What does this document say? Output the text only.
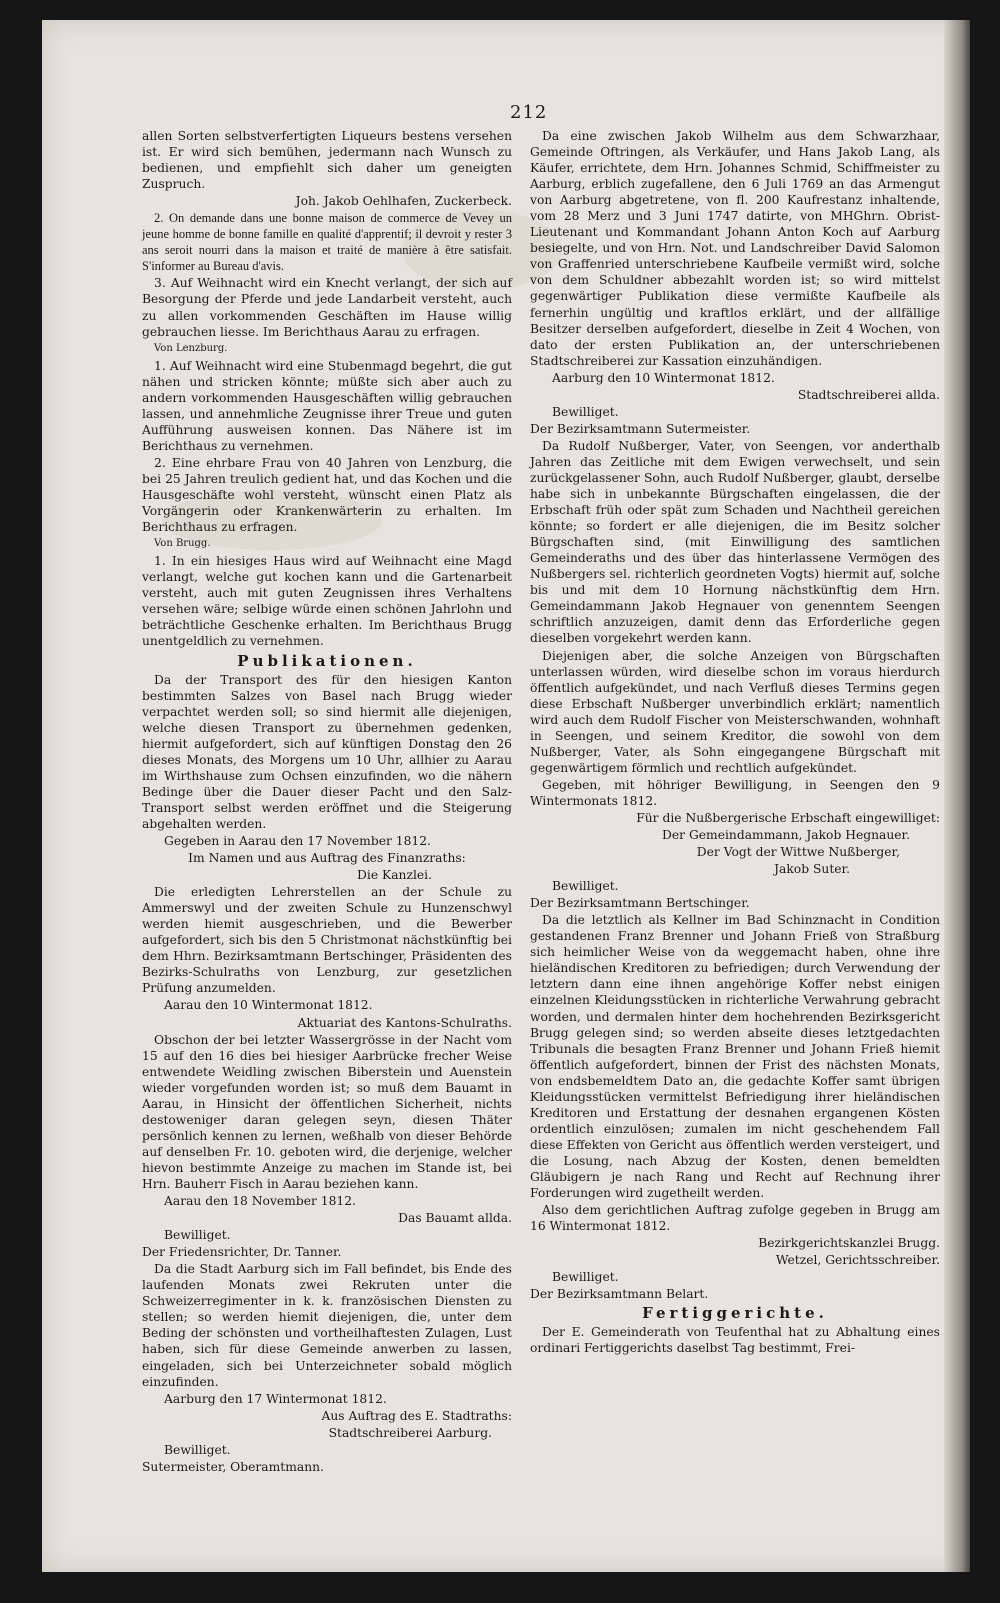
212

allen Sorten selbstverfertigten Liqueurs bestens versehen ist. Er wird sich bemühen, jedermann nach Wunsch zu bedienen, und empfiehlt sich daher um geneigten Zuspruch.

Joh. Jakob Oehlhafen, Zuckerbeck.

2. On demande dans une bonne maison de commerce de Vevey un jeune homme de bonne famille en qualité d'apprentif; il devroit y rester 3 ans seroit nourri dans la maison et traité de manière à être satisfait. S'informer au Bureau d'avis.

3. Auf Weihnacht wird ein Knecht verlangt, der sich auf Besorgung der Pferde und jede Landarbeit versteht, auch zu allen vorkommenden Geschäften im Hause willig gebrauchen liesse. Im Berichthaus Aarau zu erfragen.

Von Lenzburg.

1. Auf Weihnacht wird eine Stubenmagd begehrt, die gut nähen und stricken könnte; müßte sich aber auch zu andern vorkommenden Hausgeschäften willig gebrauchen lassen, und annehmliche Zeugnisse ihrer Treue und guten Aufführung ausweisen konnen. Das Nähere ist im Berichthaus zu vernehmen.

2. Eine ehrbare Frau von 40 Jahren von Lenzburg, die bei 25 Jahren treulich gedient hat, und das Kochen und die Hausgeschäfte wohl versteht, wünscht einen Platz als Vorgängerin oder Krankenwärterin zu erhalten. Im Berichthaus zu erfragen.

Von Brugg.

1. In ein hiesiges Haus wird auf Weihnacht eine Magd verlangt, welche gut kochen kann und die Gartenarbeit versteht, auch mit guten Zeugnissen ihres Verhaltens versehen wäre; selbige würde einen schönen Jahrlohn und beträchtliche Geschenke erhalten. Im Berichthaus Brugg unentgeldlich zu vernehmen.

Publikationen.

Da der Transport des für den hiesigen Kanton bestimmten Salzes von Basel nach Brugg wieder verpachtet werden soll; so sind hiermit alle diejenigen, welche diesen Transport zu übernehmen gedenken, hiermit aufgefordert, sich auf künftigen Donstag den 26 dieses Monats, des Morgens um 10 Uhr, allhier zu Aarau im Wirthshause zum Ochsen einzufinden, wo die nähern Bedinge über die Dauer dieser Pacht und den Salz-Transport selbst werden eröffnet und die Steigerung abgehalten werden.

Gegeben in Aarau den 17 November 1812.

Im Namen und aus Auftrag des Finanzraths:

Die Kanzlei.

Die erledigten Lehrerstellen an der Schule zu Ammerswyl und der zweiten Schule zu Hunzenschwyl werden hiemit ausgeschrieben, und die Bewerber aufgefordert, sich bis den 5 Christmonat nächstkünftig bei dem Hhrn. Bezirksamtmann Bertschinger, Präsidenten des Bezirks-Schulraths von Lenzburg, zur gesetzlichen Prüfung anzumelden.

Aarau den 10 Wintermonat 1812.

Aktuariat des Kantons-Schulraths.

Obschon der bei letzter Wassergrösse in der Nacht vom 15 auf den 16 dies bei hiesiger Aarbrücke frecher Weise entwendete Weidling zwischen Biberstein und Auenstein wieder vorgefunden worden ist; so muß dem Bauamt in Aarau, in Hinsicht der öffentlichen Sicherheit, nichts destoweniger daran gelegen seyn, diesen Thäter persönlich kennen zu lernen, weßhalb von dieser Behörde auf denselben Fr. 10. geboten wird, die derjenige, welcher hievon bestimmte Anzeige zu machen im Stande ist, bei Hrn. Bauherr Fisch in Aarau beziehen kann.

Aarau den 18 November 1812.

Das Bauamt allda.

Bewilliget.

Der Friedensrichter, Dr. Tanner.

Da die Stadt Aarburg sich im Fall befindet, bis Ende des laufenden Monats zwei Rekruten unter die Schweizerregimenter in k. k. französischen Diensten zu stellen; so werden hiemit diejenigen, die, unter dem Beding der schönsten und vortheilhaftesten Zulagen, Lust haben, sich für diese Gemeinde anwerben zu lassen, eingeladen, sich bei Unterzeichneter sobald möglich einzufinden.

Aarburg den 17 Wintermonat 1812.

Aus Auftrag des E. Stadtraths:

Stadtschreiberei Aarburg.

Bewilliget.

Sutermeister, Oberamtmann.

Da eine zwischen Jakob Wilhelm aus dem Schwarzhaar, Gemeinde Oftringen, als Verkäufer, und Hans Jakob Lang, als Käufer, errichtete, dem Hrn. Johannes Schmid, Schiffmeister zu Aarburg, erblich zugefallene, den 6 Juli 1769 an das Armengut von Aarburg abgetretene, von fl. 200 Kaufrestanz inhaltende, vom 28 Merz und 3 Juni 1747 datirte, von MHGhrn. Obrist-Lieutenant und Kommandant Johann Anton Koch auf Aarburg besiegelte, und von Hrn. Not. und Landschreiber David Salomon von Graffenried unterschriebene Kaufbeile vermißt wird, solche von dem Schuldner abbezahlt worden ist; so wird mittelst gegenwärtiger Publikation diese vermißte Kaufbeile als fernerhin ungültig und kraftlos erklärt, und der allfällige Besitzer derselben aufgefordert, dieselbe in Zeit 4 Wochen, von dato der ersten Publikation an, der unterschriebenen Stadtschreiberei zur Kassation einzuhändigen.

Aarburg den 10 Wintermonat 1812.

Stadtschreiberei allda.

Bewilliget.

Der Bezirksamtmann Sutermeister.

Da Rudolf Nußberger, Vater, von Seengen, vor anderthalb Jahren das Zeitliche mit dem Ewigen verwechselt, und sein zurückgelassener Sohn, auch Rudolf Nußberger, glaubt, derselbe habe sich in unbekannte Bürgschaften eingelassen, die der Erbschaft früh oder spät zum Schaden und Nachtheil gereichen könnte; so fordert er alle diejenigen, die im Besitz solcher Bürgschaften sind, (mit Einwilligung des samtlichen Gemeinderaths und des über das hinterlassene Vermögen des Nußbergers sel. richterlich geordneten Vogts) hiermit auf, solche bis und mit dem 10 Hornung nächstkünftig dem Hrn. Gemeindammann Jakob Hegnauer von genenntem Seengen schriftlich anzuzeigen, damit denn das Erforderliche gegen dieselben vorgekehrt werden kann.

Diejenigen aber, die solche Anzeigen von Bürgschaften unterlassen würden, wird dieselbe schon im voraus hierdurch öffentlich aufgekündet, und nach Verfluß dieses Termins gegen diese Erbschaft Nußberger unverbindlich erklärt; namentlich wird auch dem Rudolf Fischer von Meisterschwanden, wohnhaft in Seengen, und seinem Kreditor, die sowohl von dem Nußberger, Vater, als Sohn eingegangene Bürgschaft mit gegenwärtigem förmlich und rechtlich aufgekündet.

Gegeben, mit höhriger Bewilligung, in Seengen den 9 Wintermonats 1812.

Für die Nußbergerische Erbschaft eingewilliget:

Der Gemeindammann, Jakob Hegnauer.

Der Vogt der Wittwe Nußberger,

Jakob Suter.

Bewilliget.

Der Bezirksamtmann Bertschinger.

Da die letztlich als Kellner im Bad Schinznacht in Condition gestandenen Franz Brenner und Johann Frieß von Straßburg sich heimlicher Weise von da weggemacht haben, ohne ihre hieländischen Kreditoren zu befriedigen; durch Verwendung der letztern dann eine ihnen angehörige Koffer nebst einigen einzelnen Kleidungsstücken in richterliche Verwahrung gebracht worden, und dermalen hinter dem hochehrenden Bezirksgericht Brugg gelegen sind; so werden abseite dieses letztgedachten Tribunals die besagten Franz Brenner und Johann Frieß hiemit öffentlich aufgefordert, binnen der Frist des nächsten Monats, von endsbemeldtem Dato an, die gedachte Koffer samt übrigen Kleidungsstücken vermittelst Befriedigung ihrer hieländischen Kreditoren und Erstattung der desnahen ergangenen Kösten ordentlich einzulösen; zumalen im nicht geschehendem Fall diese Effekten von Gericht aus öffentlich werden versteigert, und die Losung, nach Abzug der Kosten, denen bemeldten Gläubigern je nach Rang und Recht auf Rechnung ihrer Forderungen wird zugetheilt werden.

Also dem gerichtlichen Auftrag zufolge gegeben in Brugg am 16 Wintermonat 1812.

Bezirkgerichtskanzlei Brugg.

Wetzel, Gerichtsschreiber.

Bewilliget.

Der Bezirksamtmann Belart.

Fertiggerichte.

Der E. Gemeinderath von Teufenthal hat zu Abhaltung eines ordinari Fertiggerichts daselbst Tag bestimmt, Frei-
